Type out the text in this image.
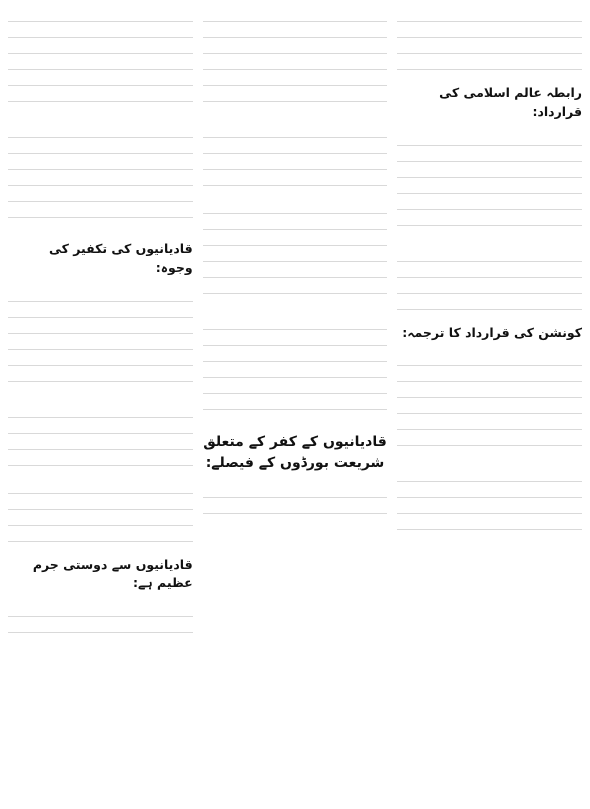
قادیانیوں کی تکفیر کی وجوہ:
قادیانیوں سے دوستی جرم عظیم ہے:
قادیانیوں کے کفر کے متعلق شریعت بورڈوں کے فیصلے:
رابطہ عالم اسلامی کی قرارداد:
کونشن کی قرارداد کا ترجمہ:
